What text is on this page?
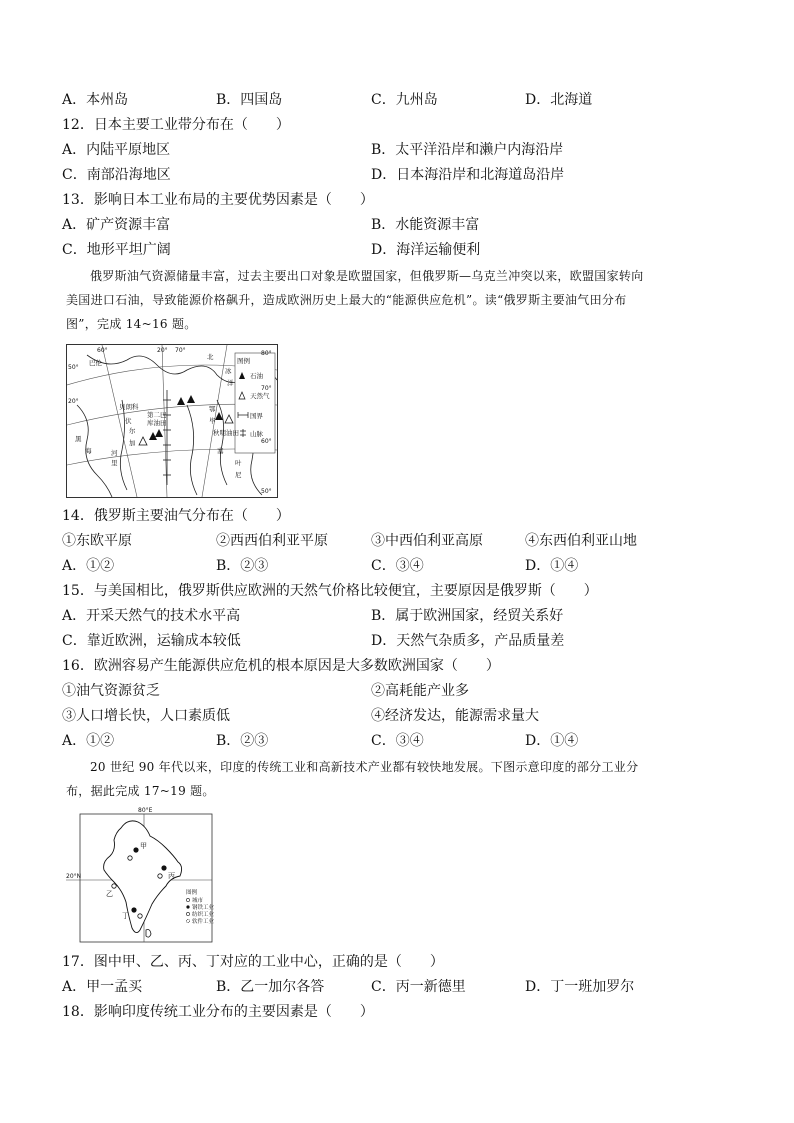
A．本州岛	B．四国岛	C．九州岛	D．北海道
12．日本主要工业带分布在（　　）
A．内陆平原地区	B．太平洋沿岸和濑户内海沿岸
C．南部沿海地区	D．日本海沿岸和北海道岛沿岸
13．影响日本工业布局的主要优势因素是（　　）
A．矿产资源丰富	B．水能资源丰富
C．地形平坦广阔	D．海洋运输便利
俄罗斯油气资源储量丰富，过去主要出口对象是欧盟国家，但俄罗斯—乌克兰冲突以来，欧盟国家转向
美国进口石油，导致能源价格飙升，造成欧洲历史上最大的“能源供应危机”。读“俄罗斯主要油气田分布
图”，完成 14~16 题。
图例
石油
天然气
国界
山脉
60°	20° 70°	80°
70°
60°
50°
50°
20°
巴伦
北
冰
洋
贝朗科
第二巴
库油田
伏
尔
加
鄂
毕
叶
尼
秋明油田
塞
里
海	河
黑
14．俄罗斯主要油气分布在（　　）
①东欧平原	②西西伯利亚平原	③中西伯利亚高原	④东西伯利亚山地
A．①②	B．②③	C．③④	D．①④
15．与美国相比，俄罗斯供应欧洲的天然气价格比较便宜，主要原因是俄罗斯（　　）
A．开采天然气的技术水平高	B．属于欧洲国家，经贸关系好
C．靠近欧洲，运输成本较低	D．天然气杂质多，产品质量差
16．欧洲容易产生能源供应危机的根本原因是大多数欧洲国家（　　）
①油气资源贫乏	②高耗能产业多
③人口增长快，人口素质低	④经济发达，能源需求量大
A．①②	B．②③	C．③④	D．①④
20 世纪 90 年代以来，印度的传统工业和高新技术产业都有较快地发展。下图示意印度的部分工业分
布，据此完成 17~19 题。
甲
乙
丙
丁
80°E
20°N
图例
城市
钢铁工业
纺织工业
软件工业
17．图中甲、乙、丙、丁对应的工业中心，正确的是（　　）
A．甲一孟买	B．乙一加尔各答	C．丙一新德里	D．丁一班加罗尔
18．影响印度传统工业分布的主要因素是（　　）
